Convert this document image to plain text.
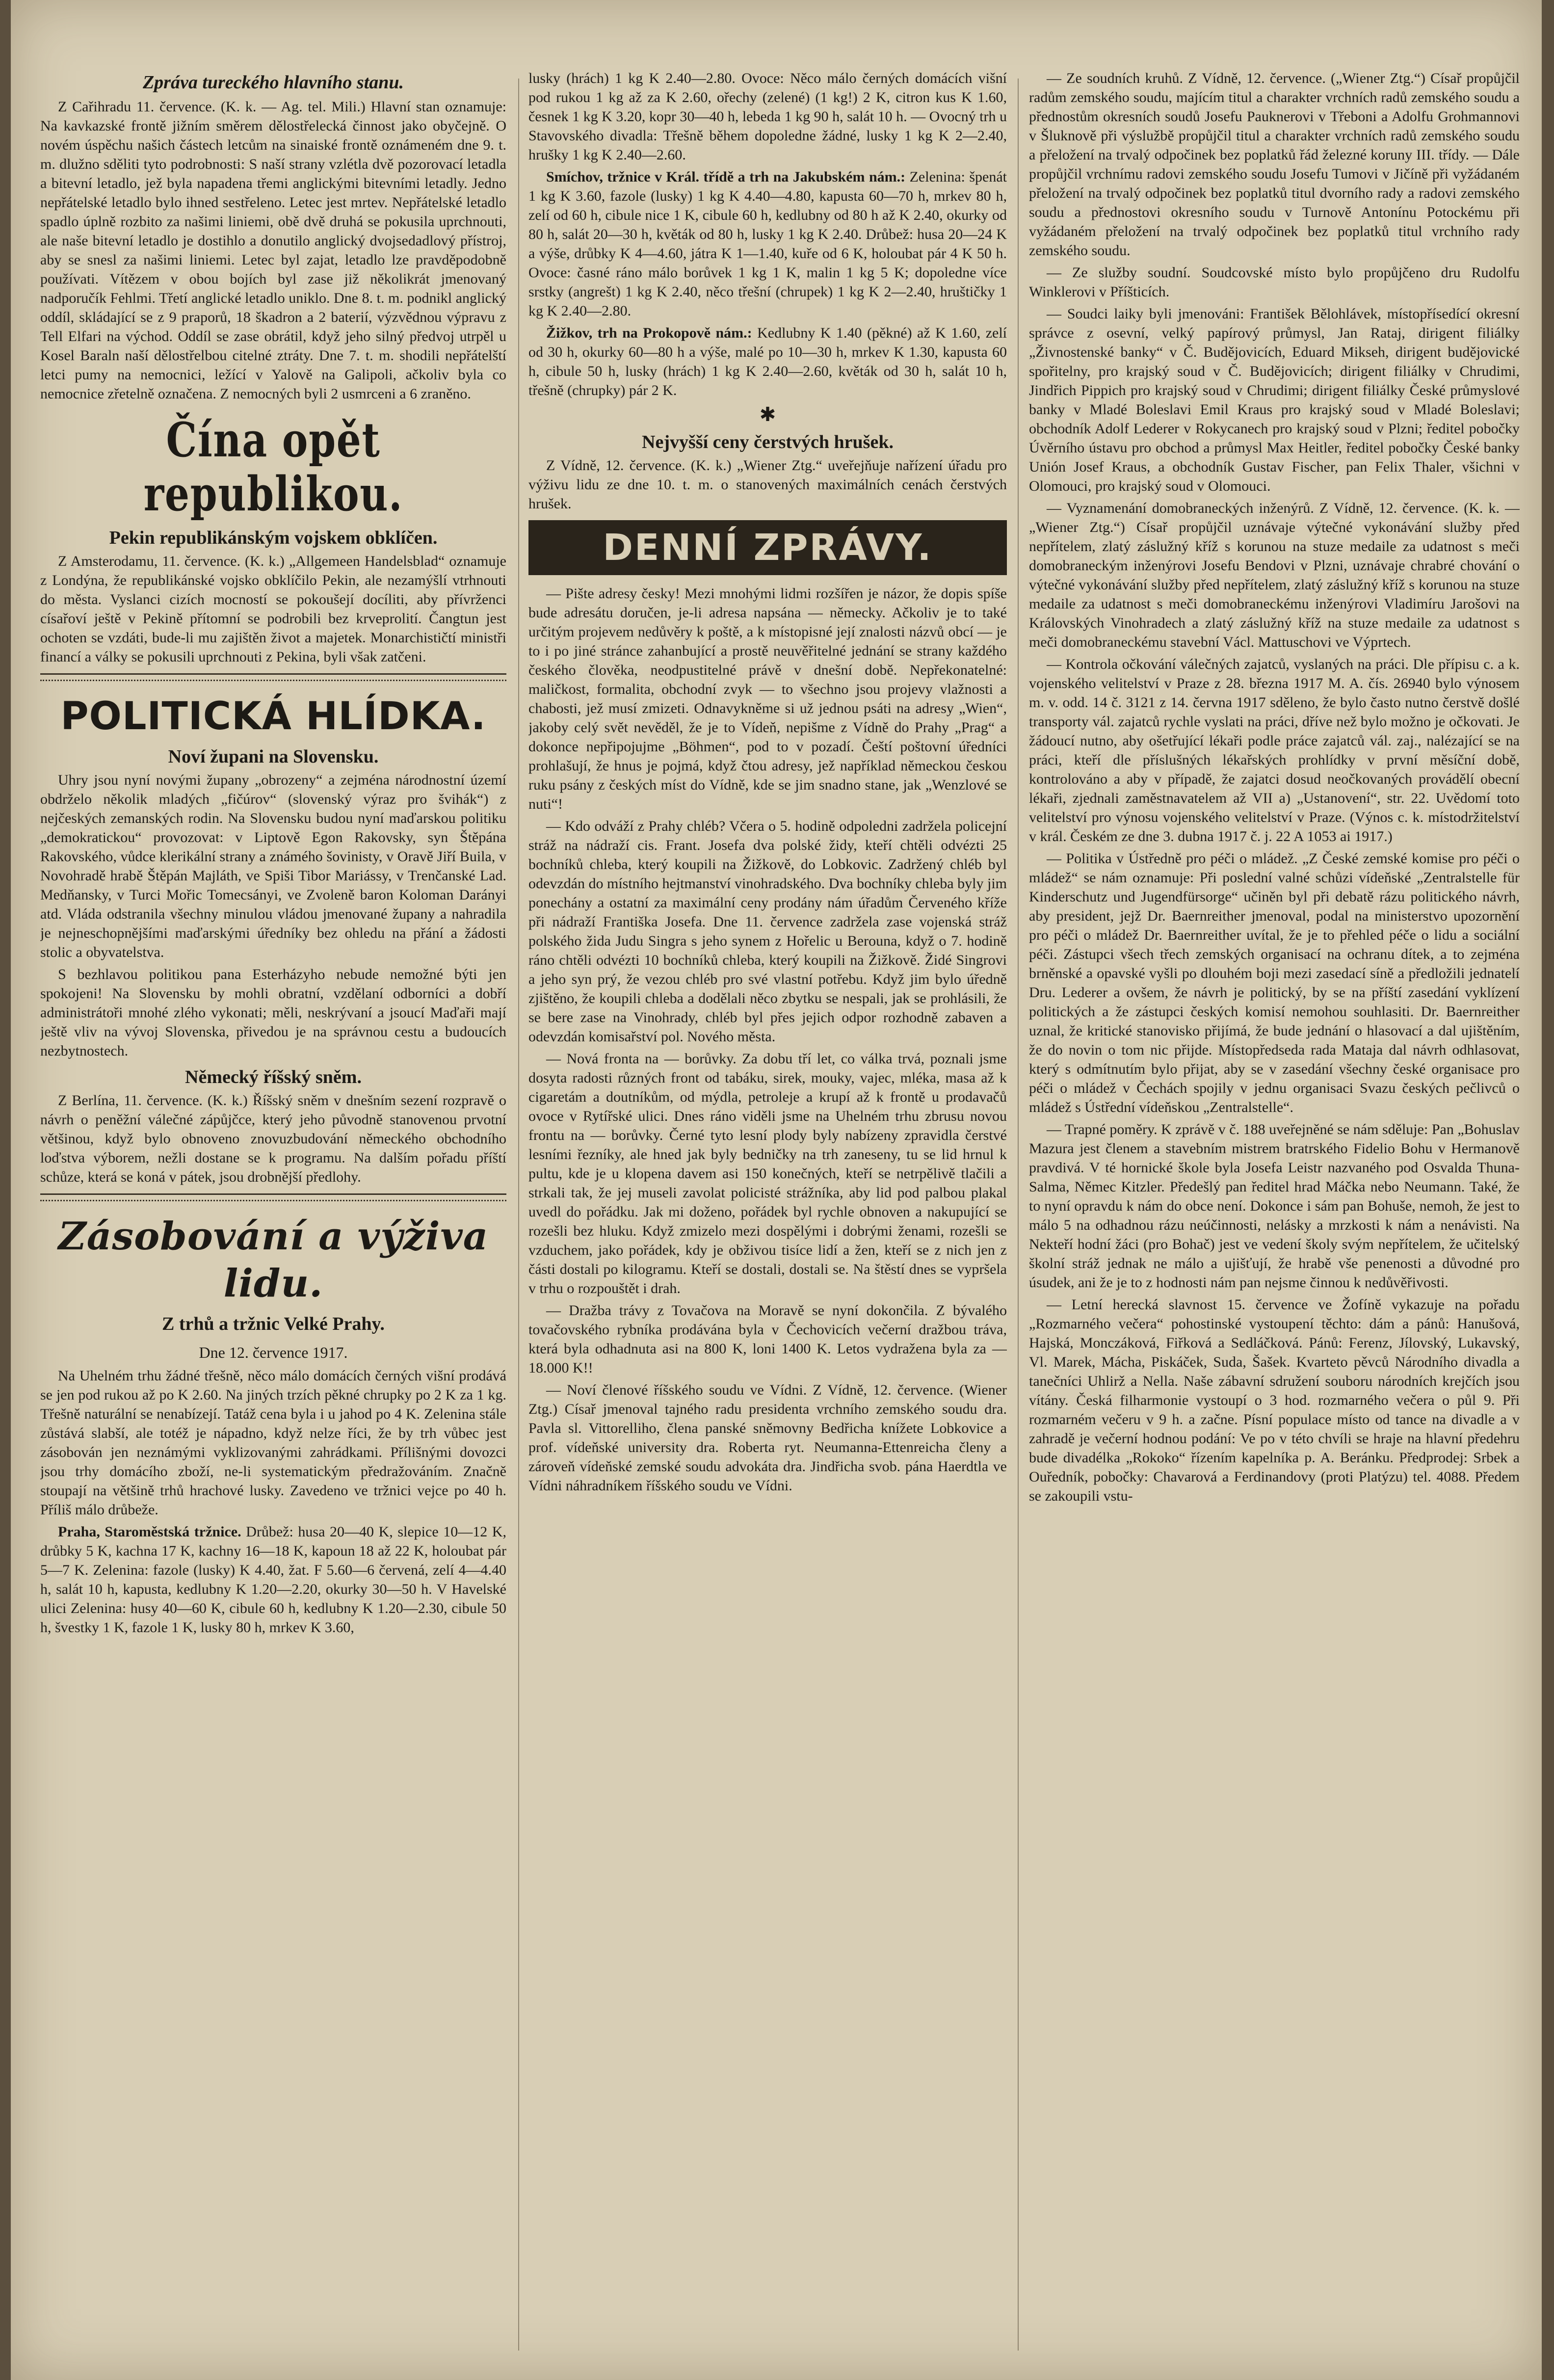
Zpráva tureckého hlavního stanu.

Z Cařihradu 11. července. (K. k. — Ag. tel. Mili.) Hlavní stan oznamuje: Na kavkazské frontě jižním směrem dělostřelecká činnost jako obyčejně. O novém úspěchu našich částech letcům na sinaiské frontě oznámeném dne 9. t. m. dlužno sděliti tyto podrobnosti: S naší strany vzlétla dvě pozorovací letadla a bitevní letadlo, jež byla napadena třemi anglickými bitevními letadly. Jedno nepřátelské letadlo bylo ihned sestřeleno. Letec jest mrtev. Nepřátelské letadlo spadlo úplně rozbito za našimi liniemi, obě dvě druhá se pokusila uprchnouti, ale naše bitevní letadlo je dostihlo a donutilo anglický dvojsedadlový přístroj, aby se snesl za našimi liniemi. Letec byl zajat, letadlo lze pravděpodobně používati. Vítězem v obou bojích byl zase již několikrát jmenovaný nadporučík Fehlmi. Třetí anglické letadlo uniklo. Dne 8. t. m. podnikl anglický oddíl, skládající se z 9 praporů, 18 škadron a 2 baterií, výzvědnou výpravu z Tell Elfari na východ. Oddíl se zase obrátil, když jeho silný předvoj utrpěl u Kosel Baraln naší dělostřelbou citelné ztráty. Dne 7. t. m. shodili nepřátelští letci pumy na nemocnici, ležící v Yalově na Galipoli, ačkoliv byla co nemocnice zřetelně označena. Z nemocných byli 2 usmrceni a 6 zraněno.

Čína opět republikou.
Pekin republikánským vojskem obklíčen.

Z Amsterodamu, 11. července. (K. k.) „Allgemeen Handelsblad“ oznamuje z Londýna, že republikánské vojsko obklíčilo Pekin, ale nezamýšlí vtrhnouti do města. Vyslanci cizích mocností se pokoušejí docíliti, aby přívrženci císařoví ještě v Pekině přítomní se podrobili bez krveprolití. Čangtun jest ochoten se vzdáti, bude-li mu zajištěn život a majetek. Monarchističtí ministři financí a války se pokusili uprchnouti z Pekina, byli však zatčeni.

POLITICKÁ HLÍDKA.
Noví župani na Slovensku.

Uhry jsou nyní novými župany „obrozeny“ a zejména národnostní území obdrželo několik mladých „fičúrov“ (slovenský výraz pro švihák“) z nejčeských zemanských rodin. Na Slovensku budou nyní maďarskou politiku „demokratickou“ provozovat: v Liptově Egon Rakovsky, syn Štěpána Rakovského, vůdce klerikální strany a známého šovinisty, v Oravě Jiří Buila, v Novohradě hrabě Štěpán Majláth, ve Spiši Tibor Mariássy, v Trenčanské Lad. Medňansky, v Turci Mořic Tomecsányi, ve Zvoleně baron Koloman Darányi atd. Vláda odstranila všechny minulou vládou jmenované župany a nahradila je nejneschopnějšími maďarskými úředníky bez ohledu na přání a žádosti stolic a obyvatelstva.

S bezhlavou politikou pana Esterházyho nebude nemožné býti jen spokojeni! Na Slovensku by mohli obratní, vzdělaní odborníci a dobří administrátoři mnohé zlého vykonati; měli, neskrývaní a jsoucí Maďaři mají ještě vliv na vývoj Slovenska, přivedou je na správnou cestu a budoucích nezbytnostech.

Německý říšský sněm.

Z Berlína, 11. července. (K. k.) Říšský sněm v dnešním sezení rozpravě o návrh o peněžní válečné zápůjčce, který jeho původně stanovenou prvotní většinou, když bylo obnoveno znovuzbudování německého obchodního loďstva výborem, nežli dostane se k programu. Na dalším pořadu příští schůze, která se koná v pátek, jsou drobnější předlohy.

Zásobování a výživa lidu.
Z trhů a tržnic Velké Prahy.
Dne 12. července 1917.

Na Uhelném trhu žádné třešně, něco málo domácích černých višní prodává se jen pod rukou až po K 2.60. Na jiných trzích pěkné chrupky po 2 K za 1 kg. Třešně naturální se nenabízejí. Tatáž cena byla i u jahod po 4 K. Zelenina stále zůstává slabší, ale totéž je nápadno, když nelze říci, že by trh vůbec jest zásobován jen neznámými vyklizovanými zahrádkami. Přílišnými dovozci jsou trhy domácího zboží, ne-li systematickým předražováním. Značně stoupají na většině trhů hrachové lusky. Zavedeno ve tržnici vejce po 40 h. Příliš málo drůbeže.

Praha, Staroměstská tržnice. Drůbež: husa 20—40 K, slepice 10—12 K, drůbky 5 K, kachna 17 K, kachny 16—18 K, kapoun 18 až 22 K, holoubat pár 5—7 K. Zelenina: fazole (lusky) K 4.40, žat. F 5.60—6 červená, zelí 4—4.40 h, salát 10 h, kapusta, kedlubny K 1.20—2.20, okurky 30—50 h. V Havelské ulici Zelenina: husy 40—60 K, cibule 60 h, kedlubny K 1.20—2.30, cibule 50 h, švestky 1 K, fazole 1 K, lusky 80 h, mrkev K 3.60,

lusky (hrách) 1 kg K 2.40—2.80. Ovoce: Něco málo černých domácích višní pod rukou 1 kg až za K 2.60, ořechy (zelené) (1 kg!) 2 K, citron kus K 1.60, česnek 1 kg K 3.20, kopr 30—40 h, lebeda 1 kg 90 h, salát 10 h. — Ovocný trh u Stavovského divadla: Třešně během dopoledne žádné, lusky 1 kg K 2—2.40, hrušky 1 kg K 2.40—2.60.

Smíchov, tržnice v Král. třídě a trh na Jakubském nám.: Zelenina: špenát 1 kg K 3.60, fazole (lusky) 1 kg K 4.40—4.80, kapusta 60—70 h, mrkev 80 h, zelí od 60 h, cibule nice 1 K, cibule 60 h, kedlubny od 80 h až K 2.40, okurky od 80 h, salát 20—30 h, květák od 80 h, lusky 1 kg K 2.40. Drůbež: husa 20—24 K a výše, drůbky K 4—4.60, játra K 1—1.40, kuře od 6 K, holoubat pár 4 K 50 h. Ovoce: časné ráno málo borůvek 1 kg 1 K, malin 1 kg 5 K; dopoledne více srstky (angrešt) 1 kg K 2.40, něco třešní (chrupek) 1 kg K 2—2.40, hruštičky 1 kg K 2.40—2.80.

Žižkov, trh na Prokopově nám.: Kedlubny K 1.40 (pěkné) až K 1.60, zelí od 30 h, okurky 60—80 h a výše, malé po 10—30 h, mrkev K 1.30, kapusta 60 h, cibule 50 h, lusky (hrách) 1 kg K 2.40—2.60, květák od 30 h, salát 10 h, třešně (chrupky) pár 2 K.

✱
Nejvyšší ceny čerstvých hrušek.

Z Vídně, 12. července. (K. k.) „Wiener Ztg.“ uveřejňuje nařízení úřadu pro výživu lidu ze dne 10. t. m. o stanovených maximálních cenách čerstvých hrušek.

DENNÍ ZPRÁVY.

— Pište adresy česky! Mezi mnohými lidmi rozšířen je názor, že dopis spíše bude adresátu doručen, je-li adresa napsána — německy. Ačkoliv je to také určitým projevem nedůvěry k poště, a k místopisné její znalosti názvů obcí — je to i po jiné stránce zahanbující a prostě neuvěřitelné jednání se strany každého českého člověka, neodpustitelné právě v dnešní době. Nepřekonatelné: maličkost, formalita, obchodní zvyk — to všechno jsou projevy vlažnosti a chabosti, jež musí zmizeti. Odnavykněme si už jednou psáti na adresy „Wien“, jakoby celý svět nevěděl, že je to Vídeň, nepišme z Vídně do Prahy „Prag“ a dokonce nepřipojujme „Böhmen“, pod to v pozadí. Čeští poštovní úředníci prohlašují, že hnus je pojmá, když čtou adresy, jež například německou českou ruku psány z českých míst do Vídně, kde se jim snadno stane, jak „Wenzlové se nuti“!

— Kdo odváží z Prahy chléb? Včera o 5. hodině odpoledni zadržela policejní stráž na nádraží cis. Frant. Josefa dva polské židy, kteří chtěli odvézti 25 bochníků chleba, který koupili na Žižkově, do Lobkovic. Zadržený chléb byl odevzdán do místního hejtmanství vinohradského. Dva bochníky chleba byly jim ponechány a ostatní za maximální ceny prodány nám úřadům Červeného kříže při nádraží Františka Josefa. Dne 11. července zadržela zase vojenská stráž polského žida Judu Singra s jeho synem z Hořelic u Berouna, když o 7. hodině ráno chtěli odvézti 10 bochníků chleba, který koupili na Žižkově. Židé Singrovi a jeho syn prý, že vezou chléb pro své vlastní potřebu. Když jim bylo úředně zjištěno, že koupili chleba a dodělali něco zbytku se nespali, jak se prohlásili, že se bere zase na Vinohrady, chléb byl přes jejich odpor rozhodně zabaven a odevzdán komisařství pol. Nového města.

— Nová fronta na — borůvky. Za dobu tří let, co válka trvá, poznali jsme dosyta radosti různých front od tabáku, sirek, mouky, vajec, mléka, masa až k cigaretám a doutníkům, od mýdla, petroleje a krupí až k frontě u prodavačů ovoce v Rytířské ulici. Dnes ráno viděli jsme na Uhelném trhu zbrusu novou frontu na — borůvky. Černé tyto lesní plody byly nabízeny zpravidla čerstvé lesními řezníky, ale hned jak byly bedničky na trh zaneseny, tu se lid hrnul k pultu, kde je u klopena davem asi 150 konečných, kteří se netrpělivě tlačili a strkali tak, že jej museli zavolat policisté strážníka, aby lid pod palbou plakal uvedl do pořádku. Jak mi doženo, pořádek byl rychle obnoven a nakupující se rozešli bez hluku. Když zmizelo mezi dospělými i dobrými ženami, rozešli se vzduchem, jako pořádek, kdy je obživou tisíce lidí a žen, kteří se z nich jen z části dostali po kilogramu. Kteří se dostali, dostali se. Na štěstí dnes se vypršela v trhu o rozpouštět i drah.

— Dražba trávy z Tovačova na Moravě se nyní dokončila. Z bývalého tovačovského rybníka prodávána byla v Čechovicích večerní dražbou tráva, která byla odhadnuta asi na 800 K, loni 1400 K. Letos vydražena byla za — 18.000 K!!

— Noví členové říšského soudu ve Vídni. Z Vídně, 12. července. (Wiener Ztg.) Císař jmenoval tajného radu presidenta vrchního zemského soudu dra. Pavla sl. Vittorelliho, člena panské sněmovny Bedřicha knížete Lobkovice a prof. vídeňské university dra. Roberta ryt. Neumanna-Ettenreicha členy a zároveň vídeňské zemské soudu advokáta dra. Jindřicha svob. pána Haerdtla ve Vídni náhradníkem říšského soudu ve Vídni.

— Ze soudních kruhů. Z Vídně, 12. července. („Wiener Ztg.“) Císař propůjčil radům zemského soudu, majícím titul a charakter vrchních radů zemského soudu a přednostům okresních soudů Josefu Pauknerovi v Třeboni a Adolfu Grohmannovi v Šluknově při výslužbě propůjčil titul a charakter vrchních radů zemského soudu a přeložení na trvalý odpočinek bez poplatků řád železné koruny III. třídy. — Dále propůjčil vrchnímu radovi zemského soudu Josefu Tumovi v Jičíně při vyžádaném přeložení na trvalý odpočinek bez poplatků titul dvorního rady a radovi zemského soudu a přednostovi okresního soudu v Turnově Antonínu Potockému při vyžádaném přeložení na trvalý odpočinek bez poplatků titul vrchního rady zemského soudu.

— Ze služby soudní. Soudcovské místo bylo propůjčeno dru Rudolfu Winklerovi v Příšticích.

— Soudci laiky byli jmenováni: František Bělohlávek, místopřísedící okresní správce z osevní, velký papírový průmysl, Jan Rataj, dirigent filiálky „Živnostenské banky“ v Č. Budějovicích, Eduard Mikseh, dirigent budějovické spořitelny, pro krajský soud v Č. Budějovicích; dirigent filiálky v Chrudimi, Jindřich Pippich pro krajský soud v Chrudimi; dirigent filiálky České průmyslové banky v Mladé Boleslavi Emil Kraus pro krajský soud v Mladé Boleslavi; obchodník Adolf Lederer v Rokycanech pro krajský soud v Plzni; ředitel pobočky Úvěrního ústavu pro obchod a průmysl Max Heitler, ředitel pobočky České banky Unión Josef Kraus, a obchodník Gustav Fischer, pan Felix Thaler, všichni v Olomouci, pro krajský soud v Olomouci.

— Vyznamenání domobraneckých inženýrů. Z Vídně, 12. července. (K. k. — „Wiener Ztg.“) Císař propůjčil uznávaje výtečné vykonávání služby před nepřítelem, zlatý záslužný kříž s korunou na stuze medaile za udatnost s meči domobraneckým inženýrovi Josefu Bendovi v Plzni, uznávaje chrabré chování o výtečné vykonávání služby před nepřítelem, zlatý záslužný kříž s korunou na stuze medaile za udatnost s meči domobraneckému inženýrovi Vladimíru Jarošovi na Královských Vinohradech a zlatý záslužný kříž na stuze medaile za udatnost s meči domobraneckému stavební Václ. Mattuschovi ve Výprtech.

— Kontrola očkování válečných zajatců, vyslaných na práci. Dle přípisu c. a k. vojenského velitelství v Praze z 28. března 1917 M. A. čís. 26940 bylo výnosem m. v. odd. 14 č. 3121 z 14. června 1917 sděleno, že bylo často nutno čerstvě došlé transporty vál. zajatců rychle vyslati na práci, dříve než bylo možno je očkovati. Je žádoucí nutno, aby ošetřující lékaři podle práce zajatců vál. zaj., nalézající se na práci, kteří dle příslušných lékařských prohlídky v první měsíční době, kontrolováno a aby v případě, že zajatci dosud neočkovaných provádělí obecní lékaři, zjednali zaměstnavatelem až VII a) „Ustanovení“, str. 22. Uvědomí toto velitelství pro výnosu vojenského velitelství v Praze. (Výnos c. k. místodržitelství v král. Českém ze dne 3. dubna 1917 č. j. 22 A 1053 ai 1917.)

— Politika v Ústředně pro péči o mládež. „Z České zemské komise pro péči o mládež“ se nám oznamuje: Při poslední valné schůzi vídeňské „Zentralstelle für Kinderschutz und Jugendfürsorge“ učiněn byl při debatě rázu politického návrh, aby president, jejž Dr. Baernreither jmenoval, podal na ministerstvo upozornění pro péči o mládež Dr. Baernreither uvítal, že je to přehled péče o lidu a sociální péči. Zástupci všech třech zemských organisací na ochranu dítek, a to zejména brněnské a opavské vyšli po dlouhém boji mezi zasedací síně a předložili jednatelí Dru. Lederer a ovšem, že návrh je politický, by se na příští zasedání vyklízení politických a že zástupci českých komisí nemohou souhlasiti. Dr. Baernreither uznal, že kritické stanovisko přijímá, že bude jednání o hlasovací a dal ujištěním, že do novin o tom nic přijde. Místopředseda rada Mataja dal návrh odhlasovat, který s odmítnutím bylo přijat, aby se v zasedání všechny české organisace pro péči o mládež v Čechách spojily v jednu organisaci Svazu českých pečlivců o mládež s Ústřední vídeňskou „Zentralstelle“.

— Trapné poměry. K zprávě v č. 188 uveřejněné se nám sděluje: Pan „Bohuslav Mazura jest členem a stavebním mistrem bratrského Fidelio Bohu v Hermanově pravdivá. V té hornické škole byla Josefa Leistr nazvaného pod Osvalda Thuna-Salma, Němec Kitzler. Předešlý pan ředitel hrad Máčka nebo Neumann. Také, že to nyní opravdu k nám do obce není. Dokonce i sám pan Bohuše, nemoh, že jest to málo 5 na odhadnou rázu neúčinnosti, nelásky a mrzkosti k nám a nenávisti. Na Nekteří hodní žáci (pro Bohač) jest ve vedení školy svým nepřítelem, že učitelský školní stráž jednak ne málo a ujišťují, že hrabě vše penenosti a důvodné pro úsudek, ani že je to z hodnosti nám pan nejsme činnou k nedůvěřivosti.

— Letní herecká slavnost 15. července ve Žofíně vykazuje na pořadu „Rozmarného večera“ pohostinské vystoupení těchto: dám a pánů: Hanušová, Hajská, Monczáková, Fiřková a Sedláčková. Pánů: Ferenz, Jílovský, Lukavský, Vl. Marek, Mácha, Piskáček, Suda, Šašek. Kvarteto pěvců Národního divadla a tanečníci Uhlirž a Nella. Naše zábavní sdružení souboru národních krejčích jsou vítány. Česká filharmonie vystoupí o 3 hod. rozmarného večera o půl 9. Při rozmarném večeru v 9 h. a začne. Písní populace místo od tance na divadle a v zahradě je večerní hodnou podání: Ve po v této chvíli se hraje na hlavní předehru bude divadélka „Rokoko“ řízením kapelníka p. A. Beránku. Předprodej: Srbek a Ouředník, pobočky: Chavarová a Ferdinandovy (proti Platýzu) tel. 4088. Předem se zakoupili vstu-
